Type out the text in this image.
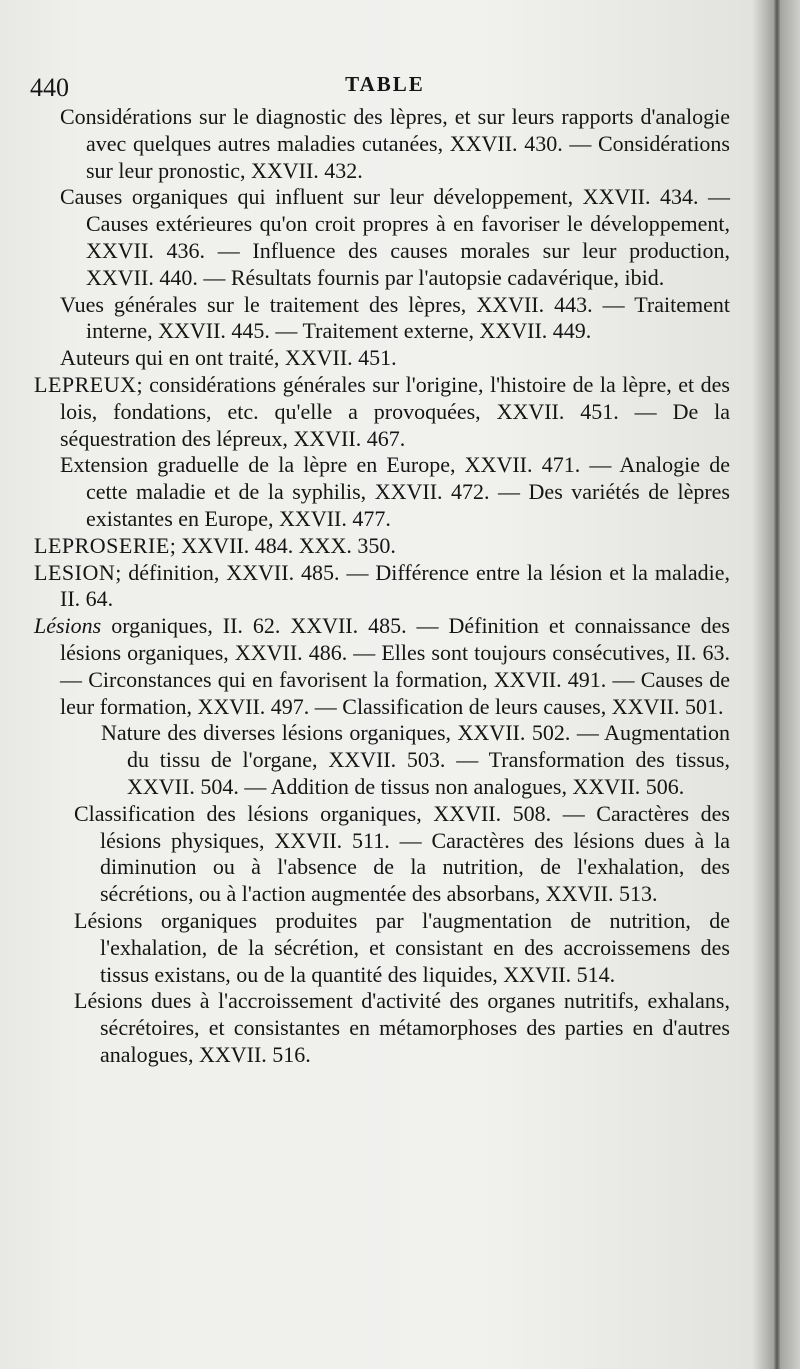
440	TABLE

Considérations sur le diagnostic des lèpres, et sur leurs rapports d'analogie avec quelques autres maladies cutanées, XXVII. 430. — Considérations sur leur pronostic, XXVII. 432.

Causes organiques qui influent sur leur développement, XXVII. 434. — Causes extérieures qu'on croit propres à en favoriser le développement, XXVII. 436. — Influence des causes morales sur leur production, XXVII. 440. — Résultats fournis par l'autopsie cadavérique, ibid.

Vues générales sur le traitement des lèpres, XXVII. 443. — Traitement interne, XXVII. 445. — Traitement externe, XXVII. 449.

Auteurs qui en ont traité, XXVII. 451.

LEPREUX; considérations générales sur l'origine, l'histoire de la lèpre, et des lois, fondations, etc. qu'elle a provoquées, XXVII. 451. — De la séquestration des lépreux, XXVII. 467.

Extension graduelle de la lèpre en Europe, XXVII. 471. — Analogie de cette maladie et de la syphilis, XXVII. 472. — Des variétés de lèpres existantes en Europe, XXVII. 477.

LEPROSERIE; XXVII. 484. XXX. 350.

LESION; définition, XXVII. 485. — Différence entre la lésion et la maladie, II. 64.

Lésions organiques, II. 62. XXVII. 485. — Définition et connaissance des lésions organiques, XXVII. 486. — Elles sont toujours consécutives, II. 63. — Circonstances qui en favorisent la formation, XXVII. 491. — Causes de leur formation, XXVII. 497. — Classification de leurs causes, XXVII. 501.

Nature des diverses lésions organiques, XXVII. 502. — Augmentation du tissu de l'organe, XXVII. 503. — Transformation des tissus, XXVII. 504. — Addition de tissus non analogues, XXVII. 506.

Classification des lésions organiques, XXVII. 508. — Caractères des lésions physiques, XXVII. 511. — Caractères des lésions dues à la diminution ou à l'absence de la nutrition, de l'exhalation, des sécrétions, ou à l'action augmentée des absorbans, XXVII. 513.

Lésions organiques produites par l'augmentation de nutrition, de l'exhalation, de la sécrétion, et consistant en des accroissemens des tissus existans, ou de la quantité des liquides, XXVII. 514.

Lésions dues à l'accroissement d'activité des organes nutritifs, exhalans, sécrétoires, et consistantes en métamorphoses des parties en d'autres analogues, XXVII. 516.
